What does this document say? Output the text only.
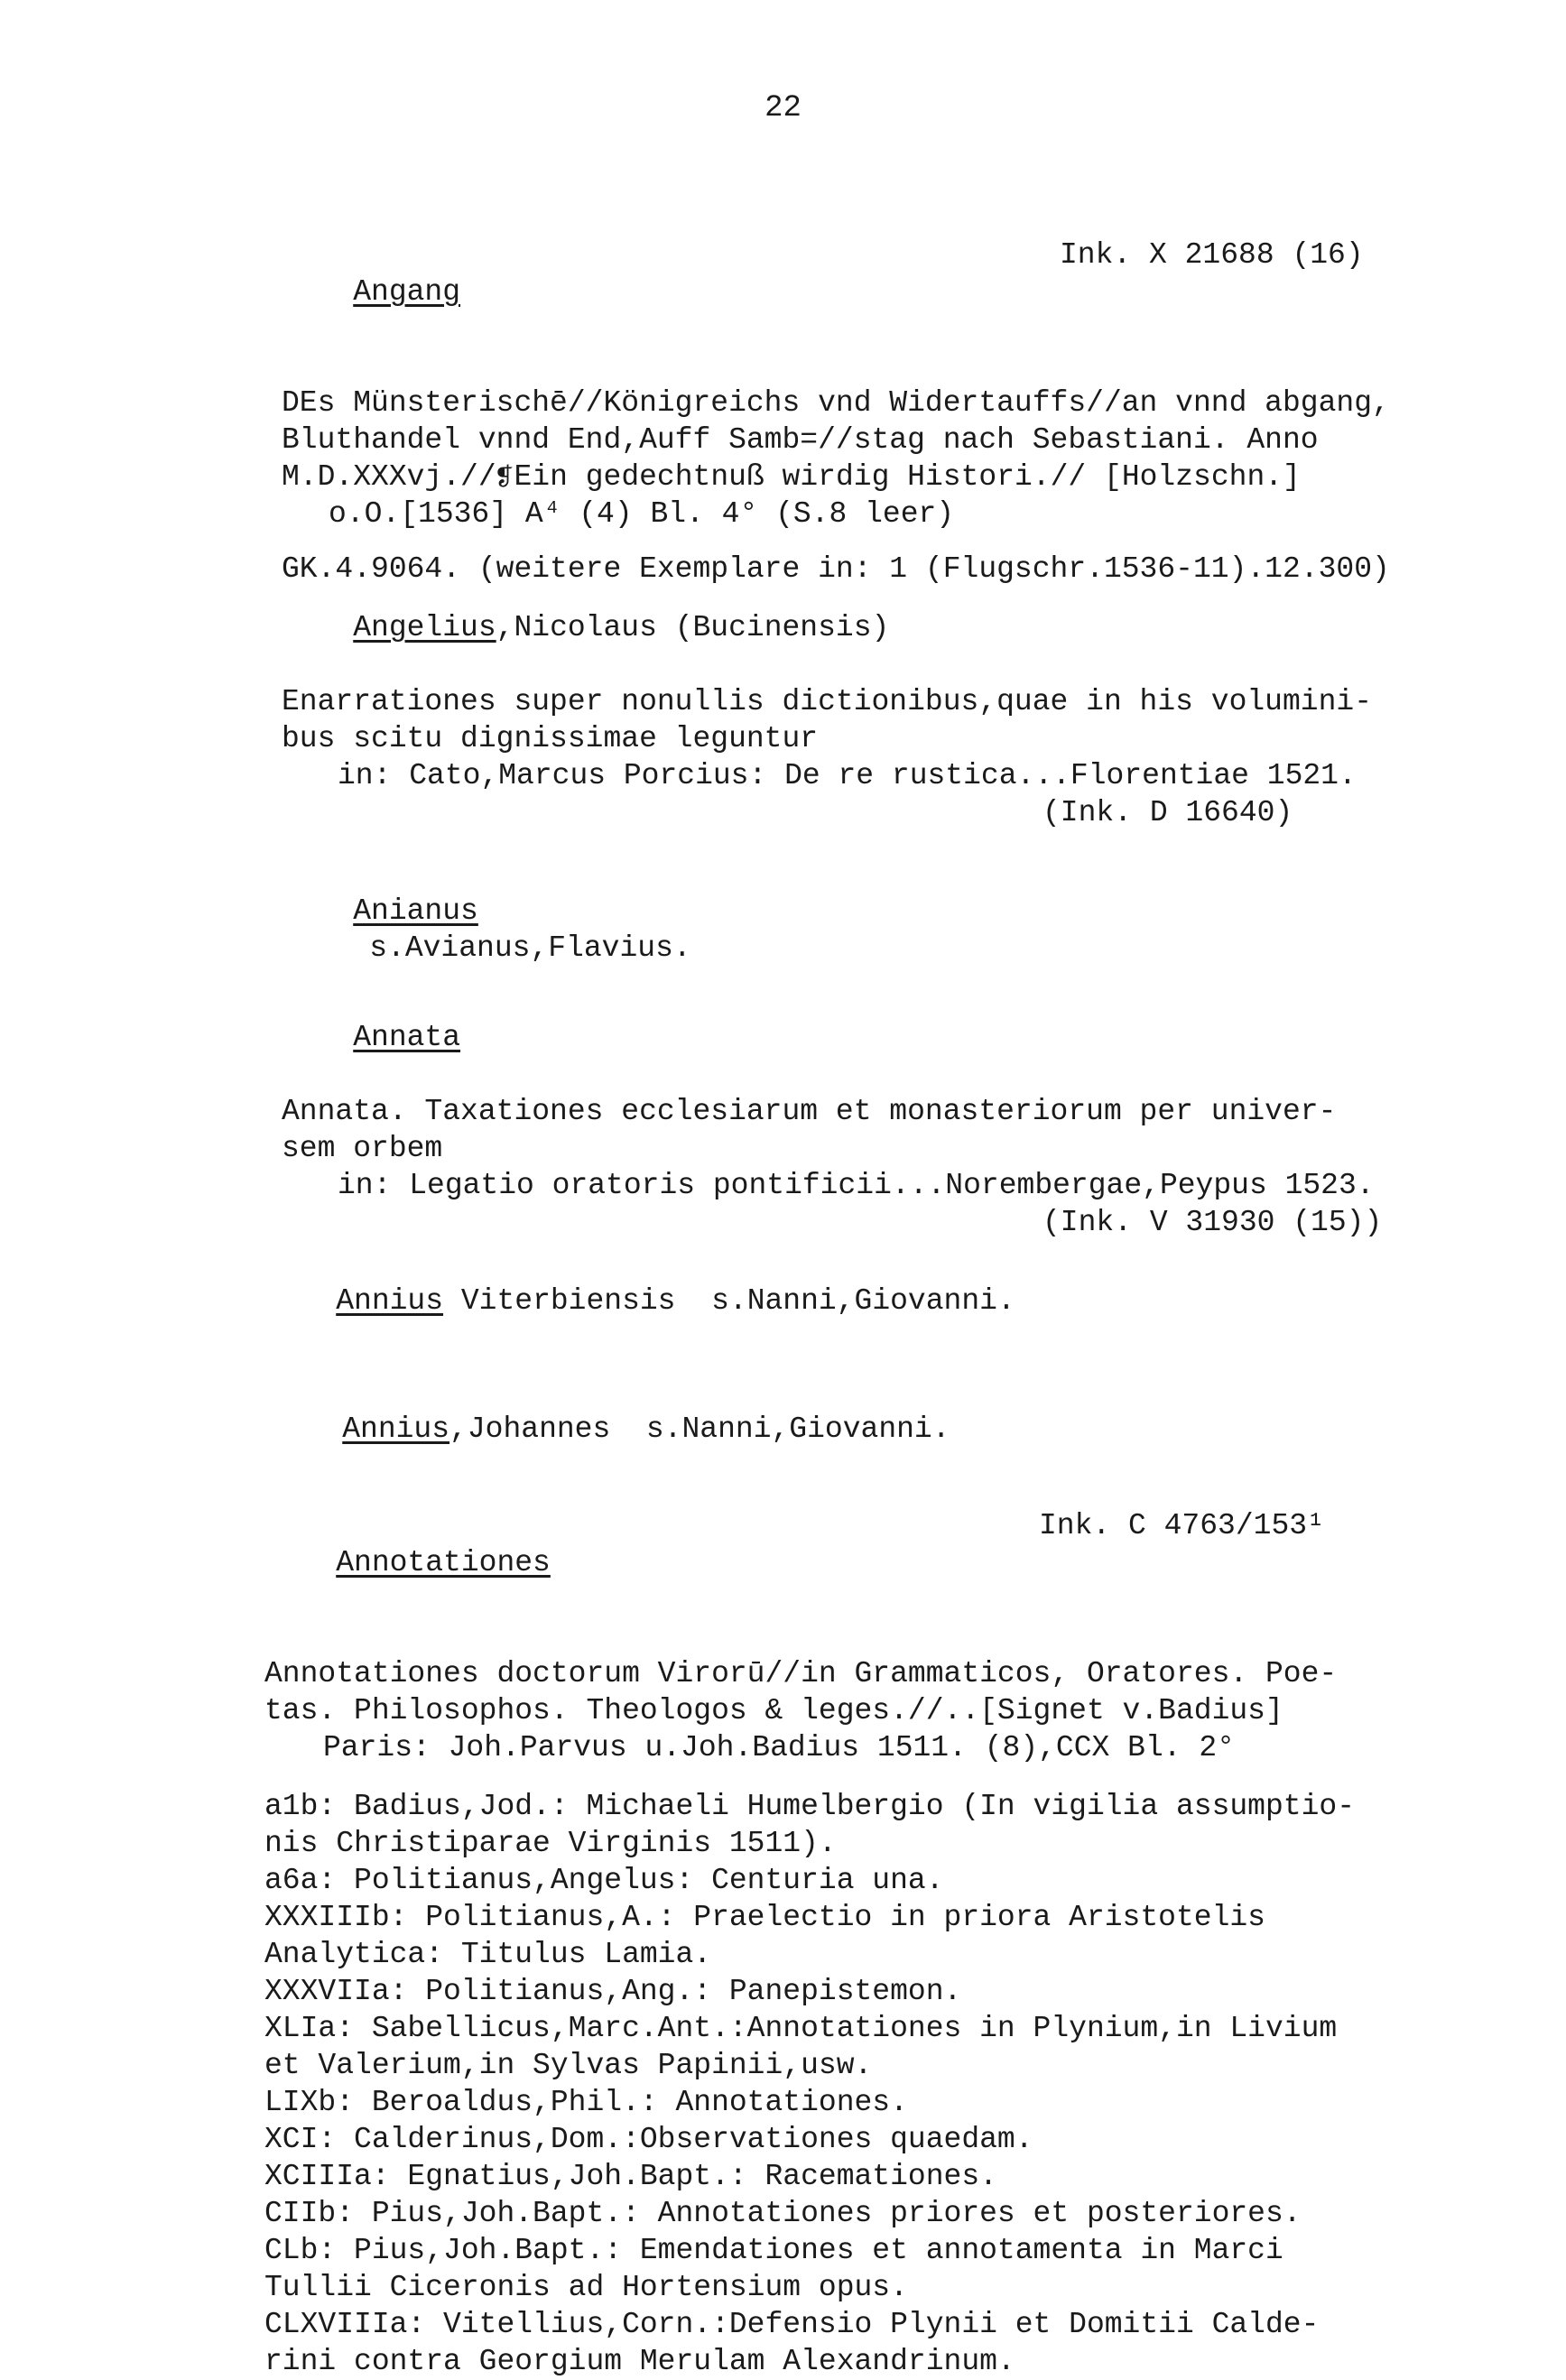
22

Angang

Ink. X 21688 (16)

DEs Münsterischē//Königreichs vnd Widertauffs//an vnnd abgang,
Bluthandel vnnd End,Auff Samb=//stag nach Sebastiani. Anno
M.D.XXXvj.//❡Ein gedechtnuß wirdig Histori.// [Holzschn.]
o.O.[1536] A⁴ (4) Bl. 4° (S.8 leer)
GK.4.9064. (weitere Exemplare in: 1 (Flugschr.1536-11).12.300)

Angelius,Nicolaus (Bucinensis)

Enarrationes super nonullis dictionibus,quae in his volumini-
bus scitu dignissimae leguntur
in: Cato,Marcus Porcius: De re rustica...Florentiae 1521.
(Ink. D 16640)

Anianus
s.Avianus,Flavius.

Annata

Annata. Taxationes ecclesiarum et monasteriorum per univer-
sem orbem
in: Legatio oratoris pontificii...Norembergae,Peypus 1523.
(Ink. V 31930 (15))

Annius Viterbiensis  s.Nanni,Giovanni.

Annius,Johannes  s.Nanni,Giovanni.

Annotationes

Ink. C 4763/153¹

Annotationes doctorum Virorū//in Grammaticos, Oratores. Poe-
tas. Philosophos. Theologos & leges.//..[Signet v.Badius]
Paris: Joh.Parvus u.Joh.Badius 1511. (8),CCX Bl. 2°
a1b: Badius,Jod.: Michaeli Humelbergio (In vigilia assumptio-
nis Christiparae Virginis 1511).
a6a: Politianus,Angelus: Centuria una.
XXXIIIb: Politianus,A.: Praelectio in priora Aristotelis
Analytica: Titulus Lamia.
XXXVIIa: Politianus,Ang.: Panepistemon.
XLIa: Sabellicus,Marc.Ant.:Annotationes in Plynium,in Livium
et Valerium,in Sylvas Papinii,usw.
LIXb: Beroaldus,Phil.: Annotationes.
XCI: Calderinus,Dom.:Observationes quaedam.
XCIIIa: Egnatius,Joh.Bapt.: Racemationes.
CIIb: Pius,Joh.Bapt.: Annotationes priores et posteriores.
CLb: Pius,Joh.Bapt.: Emendationes et annotamenta in Marci
Tullii Ciceronis ad Hortensium opus.
CLXVIIIa: Vitellius,Corn.:Defensio Plynii et Domitii Calde-
rini contra Georgium Merulam Alexandrinum.
